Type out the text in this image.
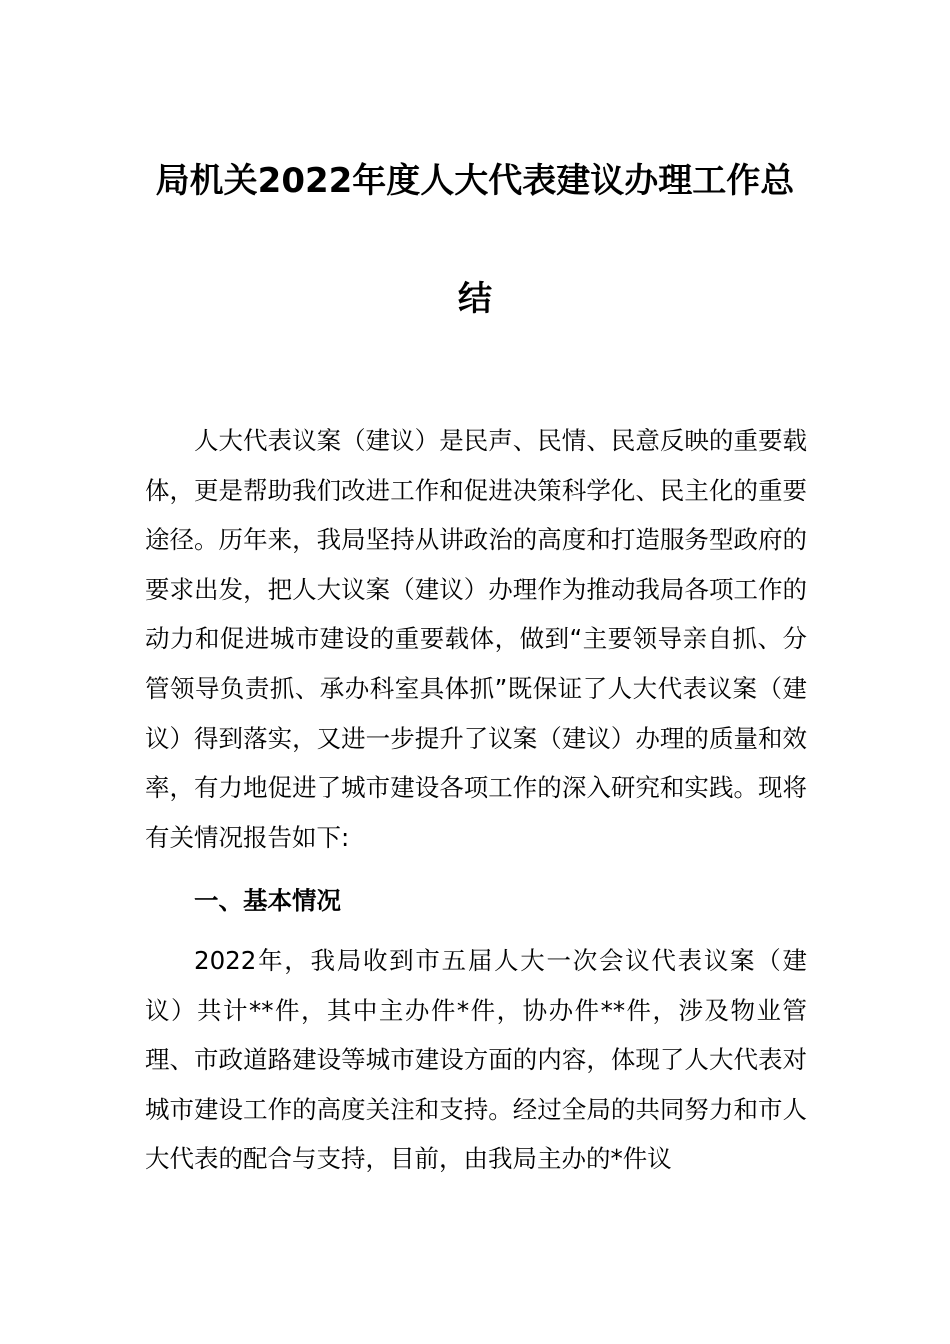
局机关2022年度人大代表建议办理工作总
结

人大代表议案（建议）是民声、民情、民意反映的重要载体，更是帮助我们改进工作和促进决策科学化、民主化的重要途径。历年来，我局坚持从讲政治的高度和打造服务型政府的要求出发，把人大议案（建议）办理作为推动我局各项工作的动力和促进城市建设的重要载体，做到“主要领导亲自抓、分管领导负责抓、承办科室具体抓”既保证了人大代表议案（建议）得到落实，又进一步提升了议案（建议）办理的质量和效率，有力地促进了城市建设各项工作的深入研究和实践。现将有关情况报告如下:

一、基本情况

2022年，我局收到市五届人大一次会议代表议案（建议）共计**件，其中主办件*件，协办件**件，涉及物业管理、市政道路建设等城市建设方面的内容，体现了人大代表对城市建设工作的高度关注和支持。经过全局的共同努力和市人大代表的配合与支持，目前，由我局主办的*件议
